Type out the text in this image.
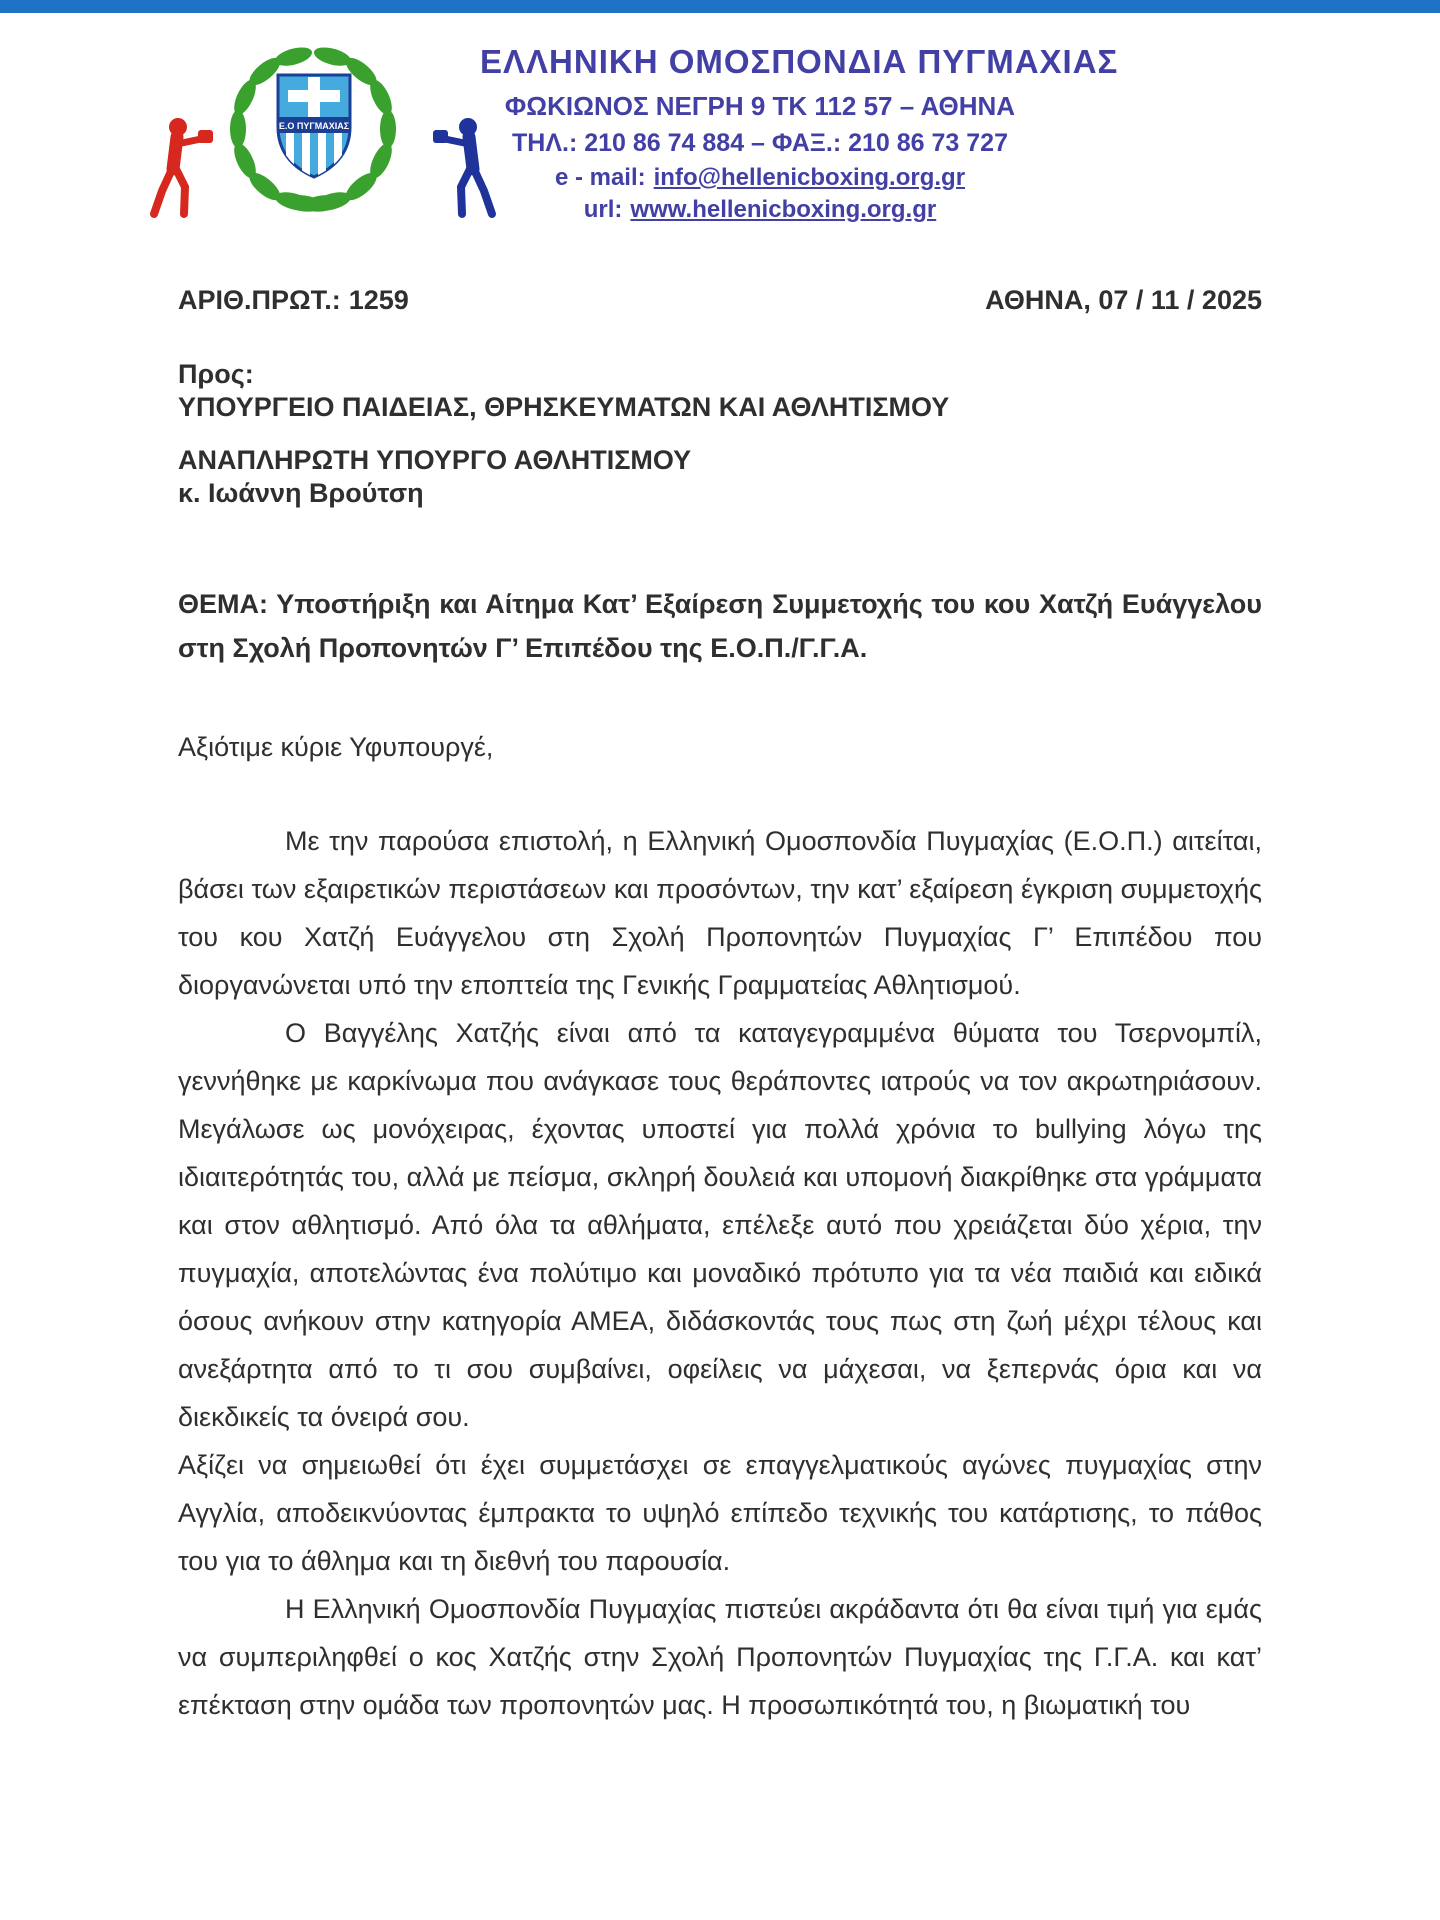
Ε.Ο ΠΥΓΜΑΧΙΑΣ
ΕΛΛΗΝΙΚΗ ΟΜΟΣΠΟΝΔΙΑ ΠΥΓΜΑΧΙΑΣ
ΦΩΚΙΩΝΟΣ ΝΕΓΡΗ 9 ΤΚ 112 57 – ΑΘΗΝΑ
ΤΗΛ.: 210 86 74 884 – ΦΑΞ.: 210 86 73 727
e - mail: info@hellenicboxing.org.gr
url: www.hellenicboxing.org.gr
ΑΡΙΘ.ΠΡΩΤ.: 1259	ΑΘΗΝΑ, 07 / 11 / 2025
Προς:
ΥΠΟΥΡΓΕΙΟ ΠΑΙΔΕΙΑΣ, ΘΡΗΣΚΕΥΜΑΤΩΝ ΚΑΙ ΑΘΛΗΤΙΣΜΟΥ
ΑΝΑΠΛΗΡΩΤΗ ΥΠΟΥΡΓΟ ΑΘΛΗΤΙΣΜΟΥ
κ. Ιωάννη Βρούτση
ΘΕΜΑ: Υποστήριξη και Αίτημα Κατ’ Εξαίρεση Συμμετοχής του κου Χατζή Ευάγγελου στη Σχολή Προπονητών Γ’ Επιπέδου της Ε.Ο.Π./Γ.Γ.Α.
Αξιότιμε κύριε Υφυπουργέ,

Με την παρούσα επιστολή, η Ελληνική Ομοσπονδία Πυγμαχίας (Ε.Ο.Π.) αιτείται, βάσει των εξαιρετικών περιστάσεων και προσόντων, την κατ’ εξαίρεση έγκριση συμμετοχής του κου Χατζή Ευάγγελου στη Σχολή Προπονητών Πυγμαχίας Γ’ Επιπέδου που διοργανώνεται υπό την εποπτεία της Γενικής Γραμματείας Αθλητισμού.

Ο Βαγγέλης Χατζής είναι από τα καταγεγραμμένα θύματα του Τσερνομπίλ, γεννήθηκε με καρκίνωμα που ανάγκασε τους θεράποντες ιατρούς να τον ακρωτηριάσουν. Μεγάλωσε ως μονόχειρας, έχοντας υποστεί για πολλά χρόνια το bullying λόγω της ιδιαιτερότητάς του, αλλά με πείσμα, σκληρή δουλειά και υπομονή διακρίθηκε στα γράμματα και στον αθλητισμό. Από όλα τα αθλήματα, επέλεξε αυτό που χρειάζεται δύο χέρια, την πυγμαχία, αποτελώντας ένα πολύτιμο και μοναδικό πρότυπο για τα νέα παιδιά και ειδικά όσους ανήκουν στην κατηγορία ΑΜΕΑ, διδάσκοντάς τους πως στη ζωή μέχρι τέλους και ανεξάρτητα από το τι σου συμβαίνει, οφείλεις να μάχεσαι, να ξεπερνάς όρια και να διεκδικείς τα όνειρά σου.

Αξίζει να σημειωθεί ότι έχει συμμετάσχει σε επαγγελματικούς αγώνες πυγμαχίας στην Αγγλία, αποδεικνύοντας έμπρακτα το υψηλό επίπεδο τεχνικής του κατάρτισης, το πάθος του για το άθλημα και τη διεθνή του παρουσία.

Η Ελληνική Ομοσπονδία Πυγμαχίας πιστεύει ακράδαντα ότι θα είναι τιμή για εμάς να συμπεριληφθεί ο κος Χατζής στην Σχολή Προπονητών Πυγμαχίας της Γ.Γ.Α. και κατ’ επέκταση στην ομάδα των προπονητών μας. Η προσωπικότητά του, η βιωματική του
